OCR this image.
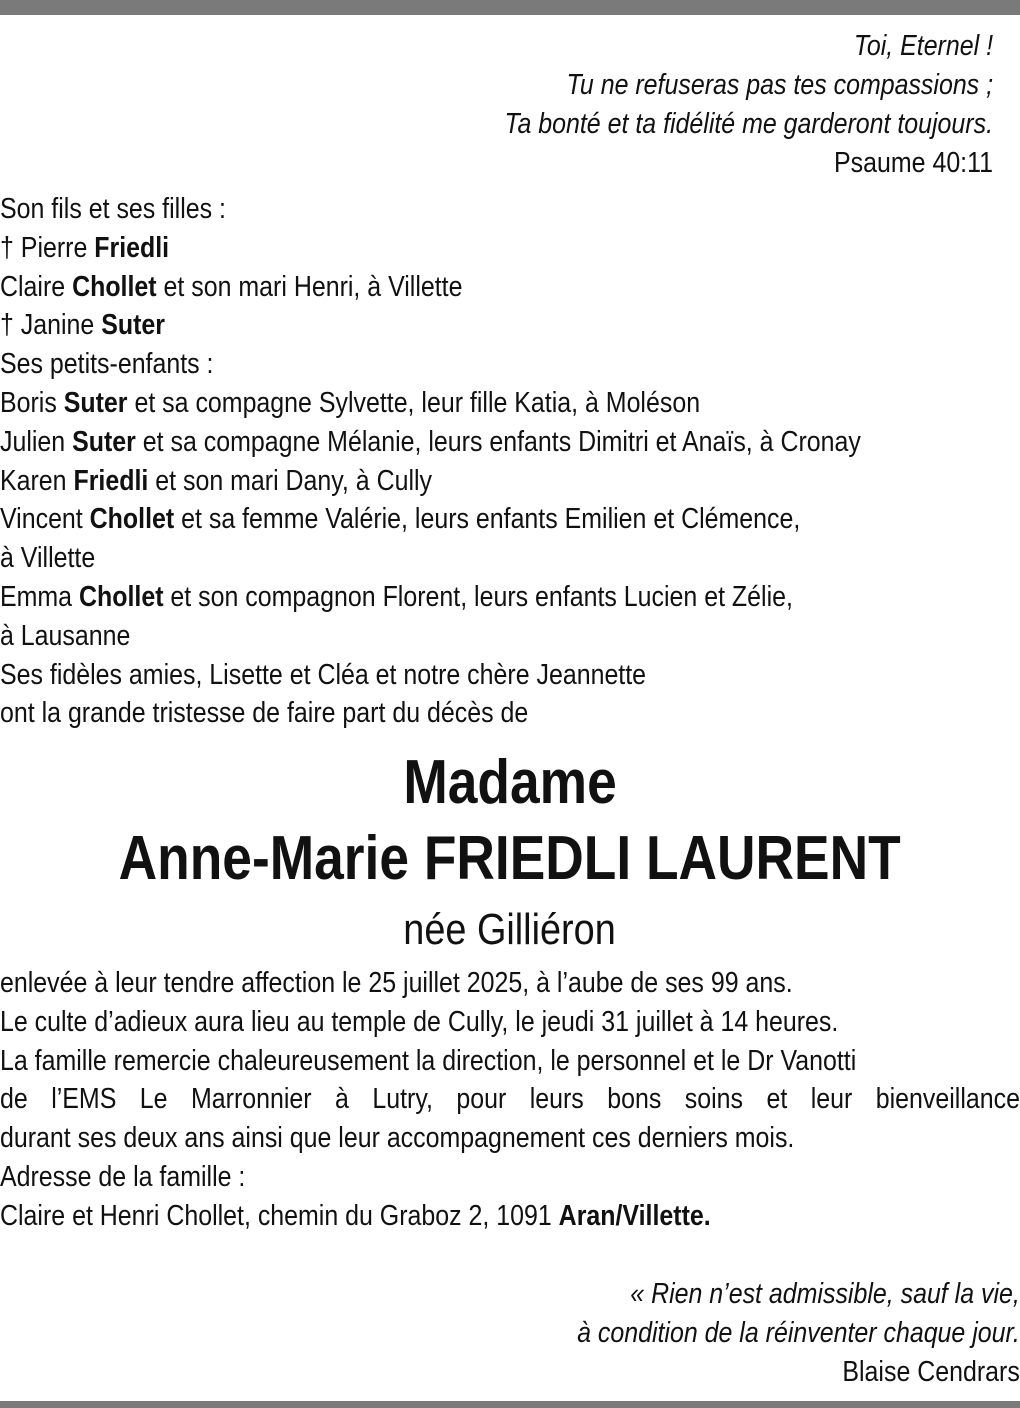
Toi, Eternel !
Tu ne refuseras pas tes compassions ;
Ta bonté et ta fidélité me garderont toujours.
Psaume 40:11
Son fils et ses filles :
† Pierre Friedli
Claire Chollet et son mari Henri, à Villette
† Janine Suter
Ses petits-enfants :
Boris Suter et sa compagne Sylvette, leur fille Katia, à Moléson
Julien Suter et sa compagne Mélanie, leurs enfants Dimitri et Anaïs, à Cronay
Karen Friedli et son mari Dany, à Cully
Vincent Chollet et sa femme Valérie, leurs enfants Emilien et Clémence,
à Villette
Emma Chollet et son compagnon Florent, leurs enfants Lucien et Zélie,
à Lausanne
Ses fidèles amies, Lisette et Cléa et notre chère Jeannette
ont la grande tristesse de faire part du décès de
Madame
Anne-Marie FRIEDLI LAURENT
née Gilliéron
enlevée à leur tendre affection le 25 juillet 2025, à l’aube de ses 99 ans.
Le culte d’adieux aura lieu au temple de Cully, le jeudi 31 juillet à 14 heures.
La famille remercie chaleureusement la direction, le personnel et le Dr Vanotti
de l’EMS Le Marronnier à Lutry, pour leurs bons soins et leur bienveillance
durant ses deux ans ainsi que leur accompagnement ces derniers mois.
Adresse de la famille :
Claire et Henri Chollet, chemin du Graboz 2, 1091 Aran/Villette.
« Rien n’est admissible, sauf la vie,
à condition de la réinventer chaque jour.
Blaise Cendrars
